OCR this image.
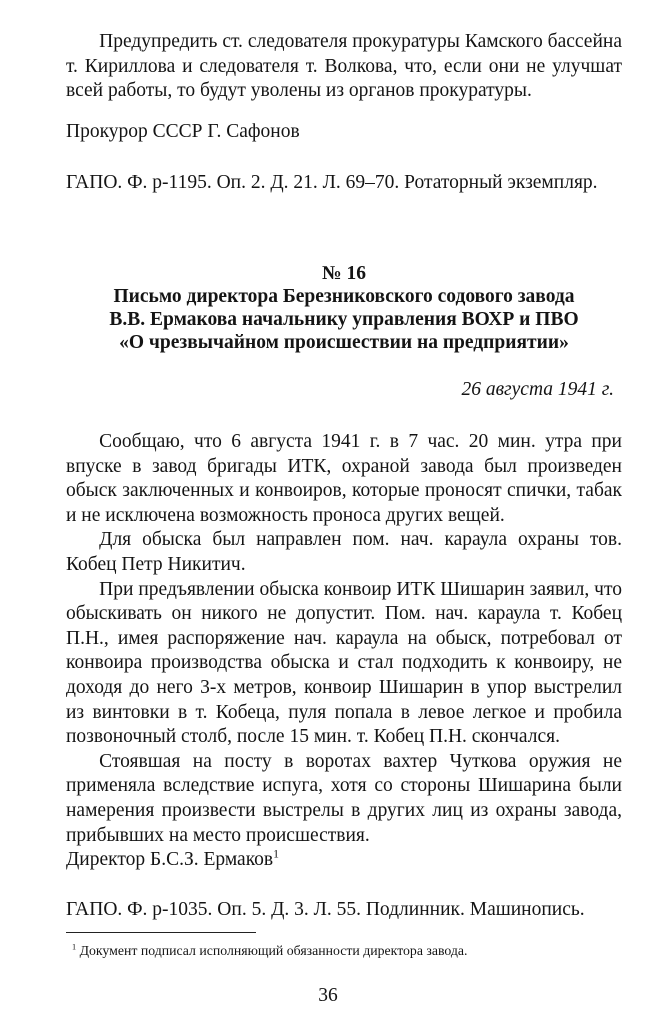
Предупредить ст. следователя прокуратуры Камского бассейна т. Кириллова и следователя т. Волкова, что, если они не улучшат всей работы, то будут уволены из органов прокуратуры.

Прокурор СССР Г. Сафонов
ГАПО. Ф. р-1195. Оп. 2. Д. 21. Л. 69–70. Ротаторный экземпляр.
№ 16
Письмо директора Березниковского содового завода
В.В. Ермакова начальнику управления ВОХР и ПВО
«О чрезвычайном происшествии на предприятии»
26 августа 1941 г.

Сообщаю, что 6 августа 1941 г. в 7 час. 20 мин. утра при впуске в завод бригады ИТК, охраной завода был произведен обыск заключенных и конвоиров, которые проносят спички, табак и не исключена возможность проноса других вещей.

Для обыска был направлен пом. нач. караула охраны тов. Кобец Петр Никитич.

При предъявлении обыска конвоир ИТК Шишарин заявил, что обыскивать он никого не допустит. Пом. нач. караула т. Кобец П.Н., имея распоряжение нач. караула на обыск, потребовал от конвоира производства обыска и стал подходить к конвоиру, не доходя до него 3-х метров, конвоир Шишарин в упор выстрелил из винтовки в т. Кобеца, пуля попала в левое легкое и пробила позвоночный столб, после 15 мин. т. Кобец П.Н. скончался.

Стоявшая на посту в воротах вахтер Чуткова оружия не применяла вследствие испуга, хотя со стороны Шишарина были намерения произвести выстрелы в других лиц из охраны завода, прибывших на место происшествия.

Директор Б.С.З. Ермаков$^1$
ГАПО. Ф. р-1035. Оп. 5. Д. 3. Л. 55. Подлинник. Машинопись.
$^1$ Документ подписал исполняющий обязанности директора завода.
36
